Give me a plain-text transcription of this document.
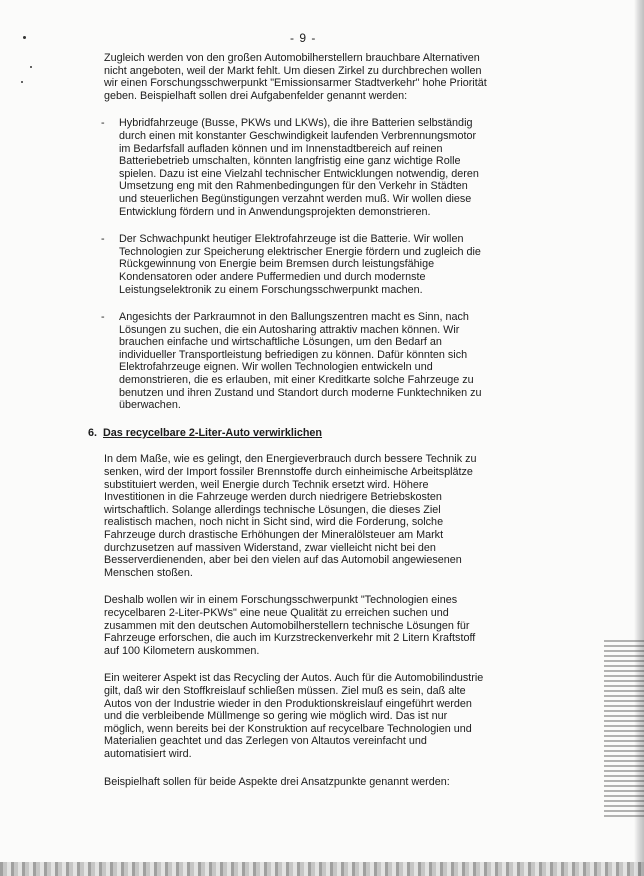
- 9 -

Zugleich werden von den großen Automobilherstellern brauchbare Alternativen nicht angeboten, weil der Markt fehlt. Um diesen Zirkel zu durchbrechen wollen wir einen Forschungsschwerpunkt "Emissionsarmer Stadtverkehr" hohe Priorität geben. Beispielhaft sollen drei Aufgabenfelder genannt werden:

- Hybridfahrzeuge (Busse, PKWs und LKWs), die ihre Batterien selbständig durch einen mit konstanter Geschwindigkeit laufenden Verbrennungsmotor im Bedarfsfall aufladen können und im Innenstadtbereich auf reinen Batteriebetrieb umschalten, könnten langfristig eine ganz wichtige Rolle spielen. Dazu ist eine Vielzahl technischer Entwicklungen notwendig, deren Umsetzung eng mit den Rahmenbedingungen für den Verkehr in Städten und steuerlichen Begünstigungen verzahnt werden muß. Wir wollen diese Entwicklung fördern und in Anwendungsprojekten demonstrieren.
- Der Schwachpunkt heutiger Elektrofahrzeuge ist die Batterie. Wir wollen Technologien zur Speicherung elektrischer Energie fördern und zugleich die Rückgewinnung von Energie beim Bremsen durch leistungsfähige Kondensatoren oder andere Puffermedien und durch modernste Leistungselektronik zu einem Forschungsschwerpunkt machen.
- Angesichts der Parkraumnot in den Ballungszentren macht es Sinn, nach Lösungen zu suchen, die ein Autosharing attraktiv machen können. Wir brauchen einfache und wirtschaftliche Lösungen, um den Bedarf an individueller Transportleistung befriedigen zu können. Dafür könnten sich Elektrofahrzeuge eignen. Wir wollen Technologien entwickeln und demonstrieren, die es erlauben, mit einer Kreditkarte solche Fahrzeuge zu benutzen und ihren Zustand und Standort durch moderne Funktechniken zu überwachen.
6. Das recycelbare 2-Liter-Auto verwirklichen

In dem Maße, wie es gelingt, den Energieverbrauch durch bessere Technik zu senken, wird der Import fossiler Brennstoffe durch einheimische Arbeitsplätze substituiert werden, weil Energie durch Technik ersetzt wird. Höhere Investitionen in die Fahrzeuge werden durch niedrigere Betriebskosten wirtschaftlich. Solange allerdings technische Lösungen, die dieses Ziel realistisch machen, noch nicht in Sicht sind, wird die Forderung, solche Fahrzeuge durch drastische Erhöhungen der Mineralölsteuer am Markt durchzusetzen auf massiven Widerstand, zwar vielleicht nicht bei den Besserverdienenden, aber bei den vielen auf das Automobil angewiesenen Menschen stoßen.

Deshalb wollen wir in einem Forschungsschwerpunkt "Technologien eines recycelbaren 2-Liter-PKWs" eine neue Qualität zu erreichen suchen und zusammen mit den deutschen Automobilherstellern technische Lösungen für Fahrzeuge erforschen, die auch im Kurzstreckenverkehr mit 2 Litern Kraftstoff auf 100 Kilometern auskommen.

Ein weiterer Aspekt ist das Recycling der Autos. Auch für die Automobilindustrie gilt, daß wir den Stoffkreislauf schließen müssen. Ziel muß es sein, daß alte Autos von der Industrie wieder in den Produktionskreislauf eingeführt werden und die verbleibende Müllmenge so gering wie möglich wird. Das ist nur möglich, wenn bereits bei der Konstruktion auf recycelbare Technologien und Materialien geachtet und das Zerlegen von Altautos vereinfacht und automatisiert wird.

Beispielhaft sollen für beide Aspekte drei Ansatzpunkte genannt werden:
